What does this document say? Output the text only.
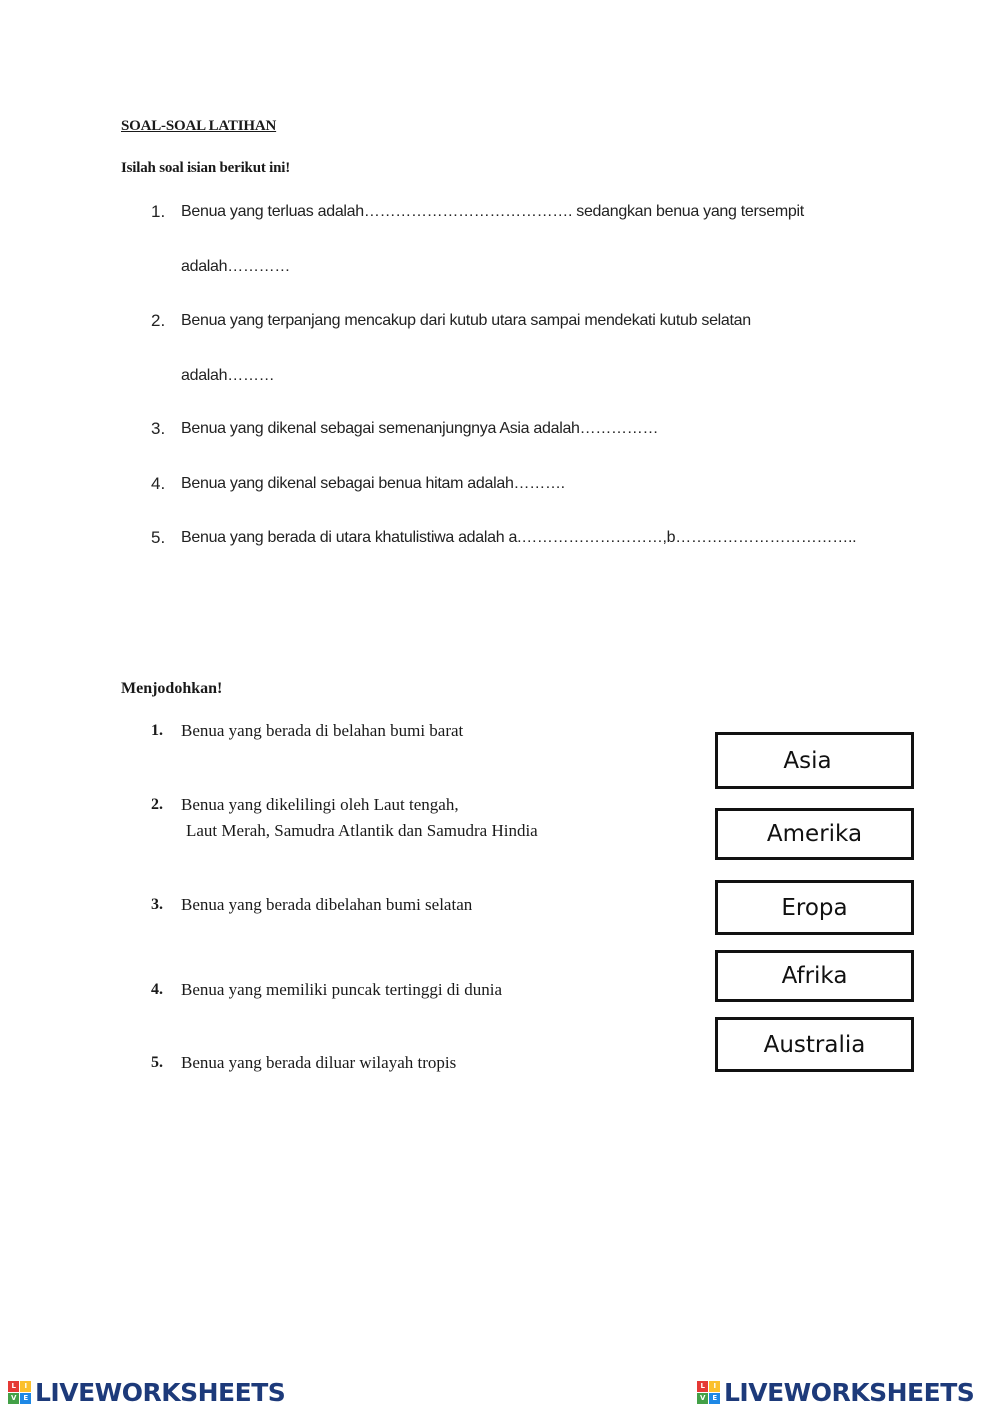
SOAL-SOAL LATIHAN
Isilah soal isian berikut ini!
1. Benua yang terluas adalah…………………………………. sedangkan benua yang tersempit
adalah…………
2. Benua yang terpanjang mencakup dari kutub utara sampai mendekati kutub selatan
adalah………
3. Benua yang dikenal sebagai semenanjungnya Asia adalah……………
4. Benua yang dikenal sebagai benua hitam adalah……….
5. Benua yang berada di utara khatulistiwa adalah a.………………………,b……………………………..
Menjodohkan!
1. Benua yang berada di belahan bumi barat
2. Benua yang dikelilingi oleh Laut tengah,
Laut Merah, Samudra Atlantik dan Samudra Hindia
3. Benua yang berada dibelahan bumi selatan
4. Benua yang memiliki puncak tertinggi di dunia
5. Benua yang berada diluar wilayah tropis
Asia
Amerika
Eropa
Afrika
Australia
L	I
V	E LIVEWORKSHEETS	L	I
V	E LIVEWORKSHEETS
